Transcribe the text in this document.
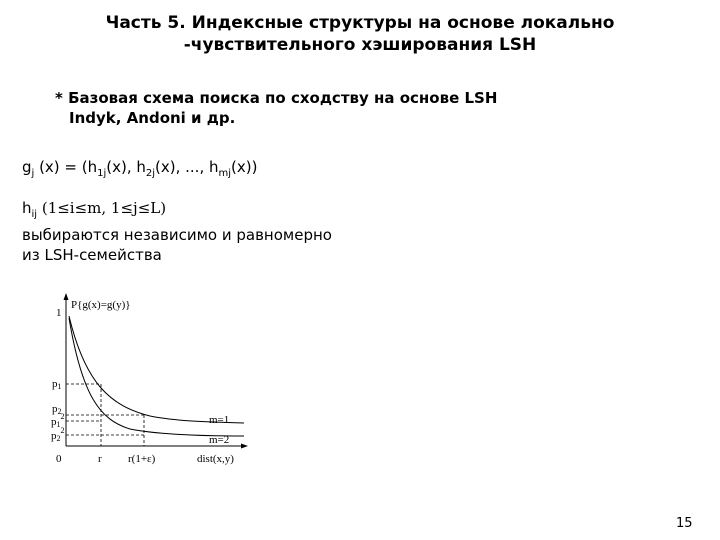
Часть 5. Индексные структуры на основе локально
-чувствительного хэширования LSH
* Базовая схема поиска по сходству на основе LSH
Indyk, Andoni и др.
$g_j$ $(x) = (h_{1j}(x)$, $h_{2j}(x)$, ..., $h_{mj}(x)$)
$h_{ij}$ (1≤i≤m, 1≤j≤L)
выбираются независимо и равномерно
из LSH-семейства
P{g(x)=g(y)}
1
0
p1
p2
$p1^2$
$p2^2$
r r(1+ε)	dist(x,y)
m=1
m=2
15
